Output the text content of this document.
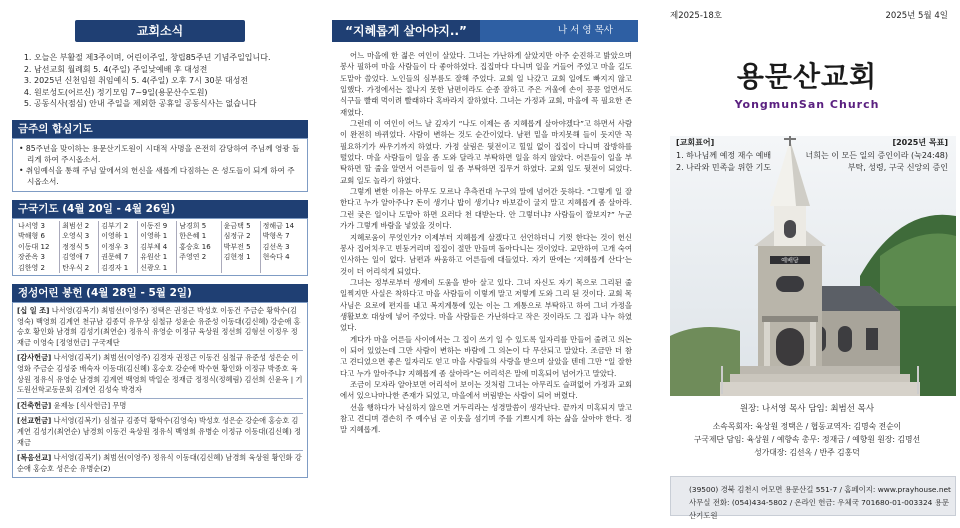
교회소식
1. 오늘은 부활절 제3주이며, 어린이주일, 창립85주년 기념주일입니다.
2. 남선교회 월례회 5. 4(주일) 주일낮예배 후 대성전
3. 2025년 신천임원 취임예식 5. 4(주일) 오후 7시 30분 대성전
4. 원로성도(어르신) 정기모임 7~9일(용문산수도원)
5. 공동식사(점심) 안내 주일을 제외한 공휴일 공동식사는 없습니다
금주의 합심기도
• 85주년을 맞이하는 용문산기도원이 시대적 사명을 온전히 감당하여 주님께 영광 돌리게 하여 주시옵소서.
• 취임예식을 통해 주님 앞에서의 헌신을 새롭게 다짐하는 온 성도들이 되게 하여 주시옵소서.
구국기도 (4월 20일 - 4월 26일)
나서영 3	최범선 2	김부기 2	이동진 9	남경희 5	윤금택 5	정해금 14
박해형 6	오영식 3	이영하 1	이영하 1	한은혜 1	심정규 2	박형옥 7
이동대 12	정정식 5	이정우 3	김부체 4	홍승호 16	박부전 5	김선옥 3
장준옥 3	김영애 7	권문혜 7	유원산 1	주영연 2	김현정 1	현숙다 4
김한영 2	탄우식 2	김경자 1	신광오 1			
정성어린 봉헌 (4월 28일 - 5월 2일)
[십 일 조] 나서영(김복기) 최범선(이영주) 정택은 권정근 박성호 이동건 주금순 황학수(김영숙) 백영희 김계연 천규남 김종덕 유무상 심철규 성윤순 유준성 이동대(김신혜) 강순애 홍승호 황인화 남경희 김성기(최연순) 정유식 유영순 이정규 육상원 정선희 김형선 이정우 정재금 이영숙 [정영헌금] 구국제단
[감사헌금] 나서영(김복기) 최범선(이영주) 김경자 권정근 이동건 심철규 유준성 성은순 이영화 주금순 김성중 배숙자 이동대(김신혜) 홍승호 강순애 박수현 황인화 이정규 박종호 육상원 정유식 유영순 남경희 김계연 백영희 박일순 정재금 정정식(정혜림) 김선희 신윤옥 | 기도원선학교동문회 김계연 김성숙 박경자
[건축헌금] 윤제능 [식사헌금] 무명
[선교헌금] 나서영(김복기) 심철규 김종덕 황학수(김영숙) 박성호 성은순 강순애 홍승호 김계연 김성기(최연순) 남경희 이동건 육상원 정유식 백영희 유병순 이정규 이동대(김신혜) 정재금
[복음선교] 나서영(김복기) 최범선(이영주) 정유식 이동대(김신혜) 남경희 육상원 황인화 강순애 홍승호 성은순 유병순(2)
“지혜롭게 살아야지..”	나 서 영 목사

어느 마을에 한 젊은 여인이 살았다. 그녀는 가난하게 살았지만 아주 순진하고 밝았으며 봉사 필하여 마을 사람들이 다 좋아하였다. 집집마다 다니며 일을 거들어 주었고 마을 길도 도맡아 쓸었다. 노인들의 심부름도 잘해 주었다. 교회 일 나갔고 교회 일에도 빠지지 않고 일했다. 가정에서는 절나지 못한 남편이라도 순종 잘하고 주은 겨울에 손이 꽁꽁 얼면서도 식구들 빨래 먹이려 빨래하다 혹바라지 잘하였다. 그녀는 가정과 교회, 마을에 꼭 필요한 존재였다.

그런데 이 여인이 어느 날 깊자기 “나도 이제는 좀 지혜롭게 살아야겠다”고 하면서 사람이 완전히 바뀌었다. 사람이 변하는 것도 순간이었다. 남편 밑을 마지못해 들이 듯지만 꼭 필요하기가 싸우기까지 하였다. 가정 살림은 뒷전이고 힐일 없이 집집이 다니며 잡방하를 떨었다. 마을 사람들이 일을 좀 도와 달라고 부탁하면 일을 하지 않았다. 어른들이 일을 부탁하면 할 줄을 알면서 어른들이 일 좀 부탁하면 집무거 하였다. 교회 일도 뒷전이 되었다. 교회 일도 놀라기 하였다.

그렇게 변한 이유는 아무도 모르나 추측컨대 누구의 말에 넘어간 듯하다. “그렇게 일 잘한다고 누가 알아주나? 돈이 생기나 밥이 생기나? 바보같이 굴지 말고 지혜롭게 좀 살아라. 그런 궂은 일이나 도맡아 하면 요러다 천 대받는다. 안 그렇더냐? 사람들이 깔보지?” 누군가가 그렇게 바람을 넣었을 것이다.

지혜로움이 무엇인가? 이제부터 지혜롭게 살겠다고 선언하더니 기껏 한다는 것이 헌신 봉사 집어치우고 빈둥거리며 집집이 절만 만들며 돌아다니는 것이었다. 교만하여 고개 숙여 인사하는 일이 없다. 남편과 싸움하고 어른들에 대들었다. 자기 딴에는 ‘지혜롭게 산다’는 것이 더 어리석게 되었다.

그녀는 정부로부터 생계비 도움을 받아 살고 있다. 그녀 자신도 자기 목으로 그리된 줄 일찍지만 사실은 착하다고 마을 사람들이 이렇게 말고 저렇게 도와 그리 된 것이다. 교회 목사님은 요로에 편지를 내고 복지계통에 있는 이는 그 계통으로 부탁하고 하여 그녀 가정을 생활보호 대상에 넣어 주었다. 마을 사람들은 가난하다고 작은 것이라도 그 집과 나누 하였었다.

게다가 마을 어른들 사이에서는 그 집이 쓰기 일 수 있도록 일자리를 만들어 줄려고 의논이 되어 있었는데 그만 사람이 변하는 바람에 그 의논이 다 무산되고 말았다. 조금만 더 참고 견디었으면 좋은 일자리도 얻고 마을 사람들의 사랑을 받으며 살았을 텐데 그만 “일 잘한다고 누가 알아주냐? 지혜롭게 좀 살아라”는 어리석은 말에 미혹되어 넘어가고 말았다.

조금이 모자라 알아보면 어리석어 보이는 것처럼 그녀는 아무리도 슬펴없어 가정과 교회에서 있으나마나한 존재가 되었고, 마을에서 버림받는 사람이 되어 버렸다.

선을 행하다가 낙심하지 않으면 거두리라는 성경말씀이 생각난다. 끝까지 미혹되지 말고 참고 견디며 겸손히 주 예수님 곧 이웃을 섬기며 주를 기쁘시게 하는 삶을 살아야 한다. 정말 지혜롭게.

제2025-18호	2025년 5월 4일
용문산교회
YongmunSan Church
예배당
[교회표어]	[2025년 목표]
1. 하나님께 예정 재수 예배	너희는 이 모든 일의 증인이라 (눅24:48)
2. 나라와 민족을 위한 기도	부탁, 성령, 구국 신앙의 증인
원장: 나서영 목사 담임: 최범선 목사
소속목회자: 육상원 정택은 / 협동교역자: 김명숙 전순이
구국제단 담임: 육상원 / 예향속 총무: 정재금 / 예향원 원장: 김명선
성가대장: 김선옥 / 반주 김홍덕
(39500) 경북 김천시 어모면 용문산길 551-7 / 홈페이지: www.prayhouse.net
사무실 전화: (054)434-5802 / 온라인 헌금: 우체국 701680-01-003324 용문산기도원
